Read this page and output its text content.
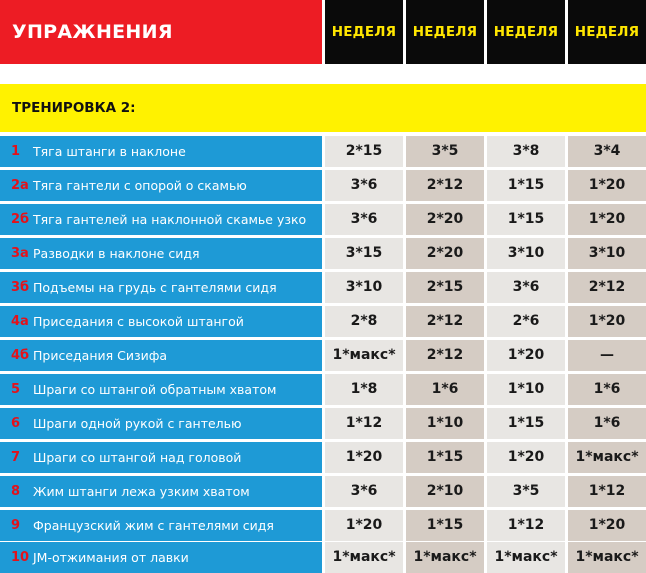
УПРАЖНЕНИЯ	НЕДЕЛЯ	НЕДЕЛЯ	НЕДЕЛЯ	НЕДЕЛЯ
ТРЕНИРОВКА 2:
1 Тяга штанги в наклоне	2*15	3*5	3*8	3*4
2а Тяга гантели с опорой о скамью	3*6	2*12	1*15	1*20
2б Тяга гантелей на наклонной скамье узко	3*6	2*20	1*15	1*20
3а Разводки в наклоне сидя	3*15	2*20	3*10	3*10
3б Подъемы на грудь с гантелями сидя	3*10	2*15	3*6	2*12
4а Приседания с высокой штангой	2*8	2*12	2*6	1*20
4б Приседания Сизифа	1*макс*	2*12	1*20	—
5 Шраги со штангой обратным хватом	1*8	1*6	1*10	1*6
6 Шраги одной рукой с гантелью	1*12	1*10	1*15	1*6
7 Шраги со штангой над головой	1*20	1*15	1*20	1*макс*
8 Жим штанги лежа узким хватом	3*6	2*10	3*5	1*12
9 Французский жим с гантелями сидя	1*20	1*15	1*12	1*20
10 JM-отжимания от лавки	1*макс*	1*макс*	1*макс*	1*макс*
